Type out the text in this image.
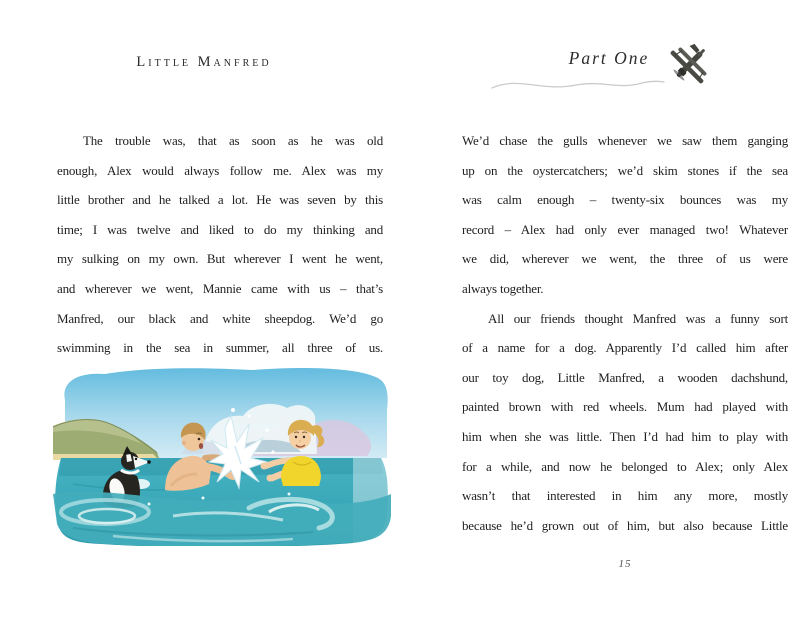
Little Manfred
The trouble was, that as soon as he was old
enough, Alex would always follow me. Alex was my
little brother and he talked a lot. He was seven by this
time; I was twelve and liked to do my thinking and
my sulking on my own. But wherever I went he went,
and wherever we went, Mannie came with us – that’s
Manfred, our black and white sheepdog. We’d go
swimming in the sea in summer, all three of us.
Part One
We’d chase the gulls whenever we saw them ganging
up on the oystercatchers; we’d skim stones if the sea
was calm enough – twenty-six bounces was my
record – Alex had only ever managed two! Whatever
we did, wherever we went, the three of us were
always together.
All our friends thought Manfred was a funny sort
of a name for a dog. Apparently I’d called him after
our toy dog, Little Manfred, a wooden dachshund,
painted brown with red wheels. Mum had played with
him when she was little. Then I’d had him to play with
for a while, and now he belonged to Alex; only Alex
wasn’t that interested in him any more, mostly
because he’d grown out of him, but also because Little
15
